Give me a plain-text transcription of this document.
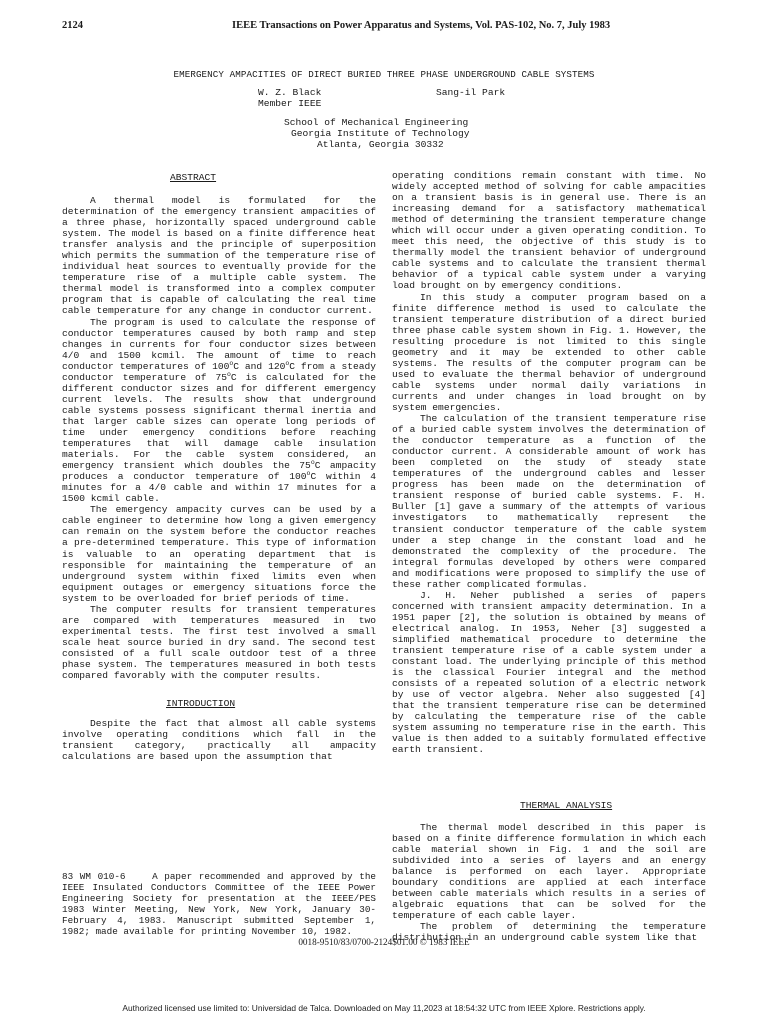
2124	IEEE Transactions on Power Apparatus and Systems, Vol. PAS-102, No. 7, July 1983
EMERGENCY AMPACITIES OF DIRECT BURIED THREE PHASE UNDERGROUND CABLE SYSTEMS
W. Z. Black
Member IEEE
Sang-il Park
School of Mechanical Engineering
Georgia Institute of Technology
Atlanta, Georgia 30332
ABSTRACT

A thermal model is formulated for the determination of the emergency transient ampacities of a three phase, horizontally spaced underground cable system. The model is based on a finite difference heat transfer analysis and the principle of superposition which permits the summation of the temperature rise of individual heat sources to eventually provide for the temperature rise of a multiple cable system. The thermal model is transformed into a complex computer program that is capable of calculating the real time cable temperature for any change in conductor current.

The program is used to calculate the response of conductor temperatures caused by both ramp and step changes in currents for four conductor sizes between 4/0 and 1500 kcmil. The amount of time to reach conductor temperatures of 100$^o$C and 120$^o$C from a steady conductor temperature of 75$^o$C is calculated for the different conductor sizes and for different emergency current levels. The results show that underground cable systems possess significant thermal inertia and that larger cable sizes can operate long periods of time under emergency conditions before reaching temperatures that will damage cable insulation materials. For the cable system considered, an emergency transient which doubles the 75$^o$C ampacity produces a conductor temperature of 100$^o$C within 4 minutes for a 4/0 cable and within 17 minutes for a 1500 kcmil cable.

The emergency ampacity curves can be used by a cable engineer to determine how long a given emergency can remain on the system before the conductor reaches a pre-determined temperature. This type of information is valuable to an operating department that is responsible for maintaining the temperature of an underground system within fixed limits even when equipment outages or emergency situations force the system to be overloaded for brief periods of time.

The computer results for transient temperatures are compared with temperatures measured in two experimental tests. The first test involved a small scale heat source buried in dry sand. The second test consisted of a full scale outdoor test of a three phase system. The temperatures measured in both tests compared favorably with the computer results.

INTRODUCTION

Despite the fact that almost all cable systems involve operating conditions which fall in the transient category, practically all ampacity calculations are based upon the assumption that

83 WM 010-6	A paper recommended and approved by the IEEE Insulated Conductors Committee of the IEEE Power Engineering Society for presentation at the IEEE/PES 1983 Winter Meeting, New York, New York, January 30-February 4, 1983. Manuscript submitted September 1, 1982; made available for printing November 10, 1982.

operating conditions remain constant with time. No widely accepted method of solving for cable ampacities on a transient basis is in general use. There is an increasing demand for a satisfactory mathematical method of determining the transient temperature change which will occur under a given operating condition. To meet this need, the objective of this study is to thermally model the transient behavior of underground cable systems and to calculate the transient thermal behavior of a typical cable system under a varying load brought on by emergency conditions.

In this study a computer program based on a finite difference method is used to calculate the transient temperature distribution of a direct buried three phase cable system shown in Fig. 1. However, the resulting procedure is not limited to this single geometry and it may be extended to other cable systems. The results of the computer program can be used to evaluate the thermal behavior of underground cable systems under normal daily variations in currents and under changes in load brought on by system emergencies.

The calculation of the transient temperature rise of a buried cable system involves the determination of the conductor temperature as a function of the conductor current. A considerable amount of work has been completed on the study of steady state temperatures of the underground cables and lesser progress has been made on the determination of transient response of buried cable systems. F. H. Buller [1] gave a summary of the attempts of various investigators to mathematically represent the transient conductor temperature of the cable system under a step change in the constant load and he demonstrated the complexity of the procedure. The integral formulas developed by others were compared and modifications were proposed to simplify the use of these rather complicated formulas.

J. H. Neher published a series of papers concerned with transient ampacity determination. In a 1951 paper [2], the solution is obtained by means of electrical analog. In 1953, Neher [3] suggested a simplified mathematical procedure to determine the transient temperature rise of a cable system under a constant load. The underlying principle of this method is the classical Fourier integral and the method consists of a repeated solution of a electric network by use of vector algebra. Neher also suggested [4] that the transient temperature rise can be determined by calculating the temperature rise of the cable system assuming no temperature rise in the earth. This value is then added to a suitably formulated effective earth transient.

THERMAL ANALYSIS

The thermal model described in this paper is based on a finite difference formulation in which each cable material shown in Fig. 1 and the soil are subdivided into a series of layers and an energy balance is performed on each layer. Appropriate boundary conditions are applied at each interface between cable materials which results in a series of algebraic equations that can be solved for the temperature of each cable layer.

The problem of determining the temperature distribution in an underground cable system like that

0018-9510/83/0700-2124$01.00 © 1983 IEEE
Authorized licensed use limited to: Universidad de Talca. Downloaded on May 11,2023 at 18:54:32 UTC from IEEE Xplore. Restrictions apply.
